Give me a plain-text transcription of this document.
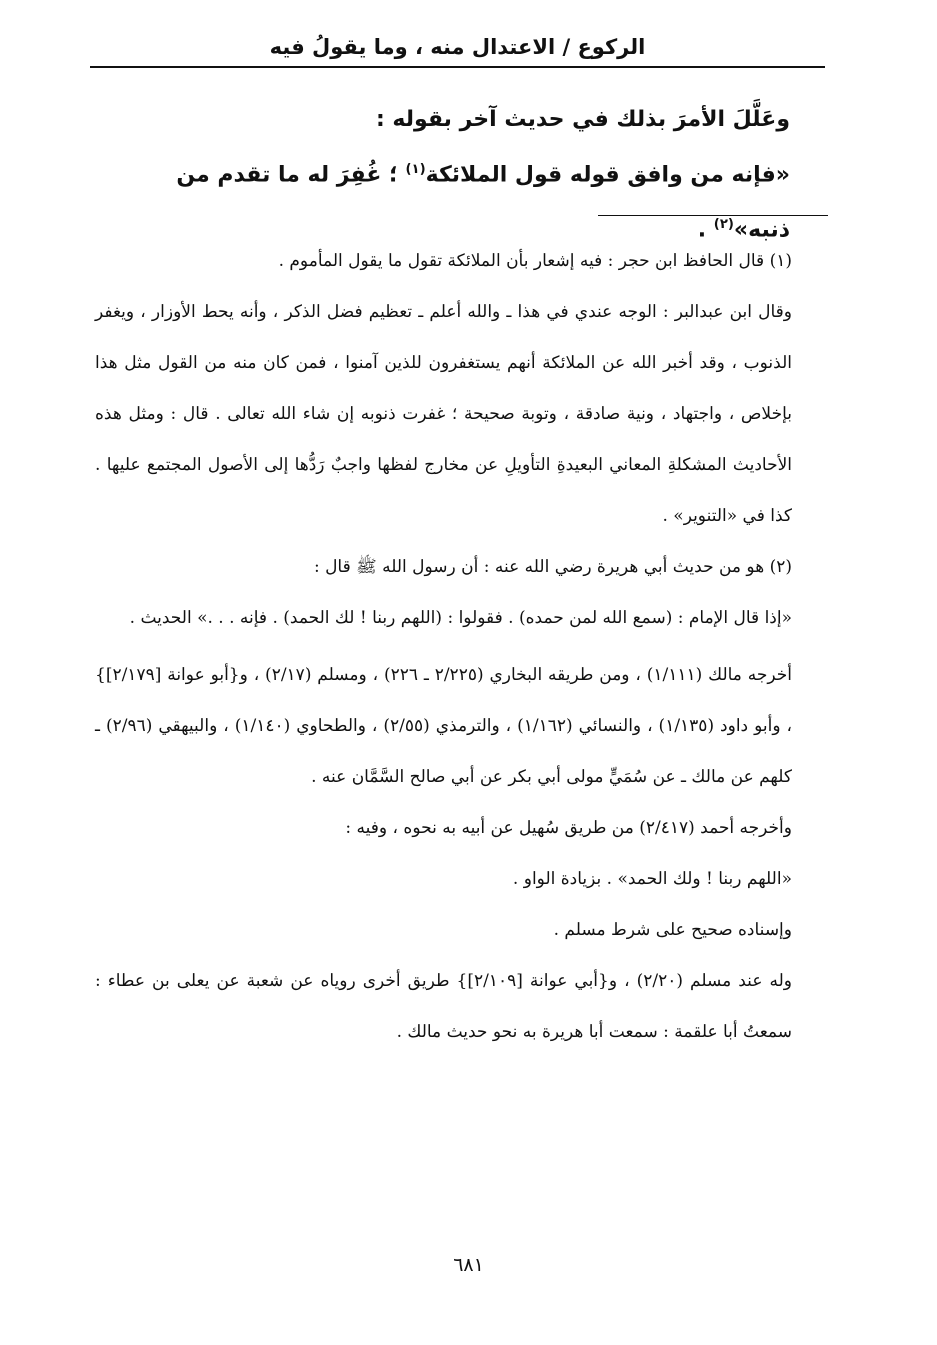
الركوع / الاعتدال منه ، وما يقولُ فيه

وعَلَّلَ الأمرَ بذلك في حديث آخر بقوله :

«فإنه من وافق قوله قول الملائكة$^{(١)}$ ؛ غُفِرَ له ما تقدم من ذنبه»$^{(٢)}$ .

(١) قال الحافظ ابن حجر : فيه إشعار بأن الملائكة تقول ما يقول المأموم .

وقال ابن عبدالبر : الوجه عندي في هذا ـ والله أعلم ـ تعظيم فضل الذكر ، وأنه يحط الأوزار ، ويغفر الذنوب ، وقد أخبر الله عن الملائكة أنهم يستغفرون للذين آمنوا ، فمن كان منه من القول مثل هذا بإخلاص ، واجتهاد ، ونية صادقة ، وتوبة صحيحة ؛ غفرت ذنوبه إن شاء الله تعالى . قال : ومثل هذه الأحاديث المشكلةِ المعاني البعيدةِ التأويلِ عن مخارج لفظها واجبٌ رَدُّها إلى الأصول المجتمع عليها . كذا في «التنوير» .

(٢) هو من حديث أبي هريرة رضي الله عنه : أن رسول الله ﷺ قال :

«إذا قال الإمام : (سمع الله لمن حمده) . فقولوا : (اللهم ربنا ! لك الحمد) . فإنه . . .» الحديث .

أخرجه مالك (١/١١١) ، ومن طريقه البخاري (٢/٢٢٥ ـ ٢٢٦) ، ومسلم (٢/١٧) ، و{أبو عوانة [٢/١٧٩]} ، وأبو داود (١/١٣٥) ، والنسائي (١/١٦٢) ، والترمذي (٢/٥٥) ، والطحاوي (١/١٤٠) ، والبيهقي (٢/٩٦) ـ كلهم عن مالك ـ عن سُمَيٍّ مولى أبي بكر عن أبي صالح السَّمَّان عنه .

وأخرجه أحمد (٢/٤١٧) من طريق سُهيل عن أبيه به نحوه ، وفيه :

«اللهم ربنا ! ولك الحمد» . بزيادة الواو .

وإسناده صحيح على شرط مسلم .

وله عند مسلم (٢/٢٠) ، و{أبي عوانة [٢/١٠٩]} طريق أخرى روياه عن شعبة عن يعلى بن عطاء : سمعتُ أبا علقمة : سمعت أبا هريرة به نحو حديث مالك .

٦٨١
